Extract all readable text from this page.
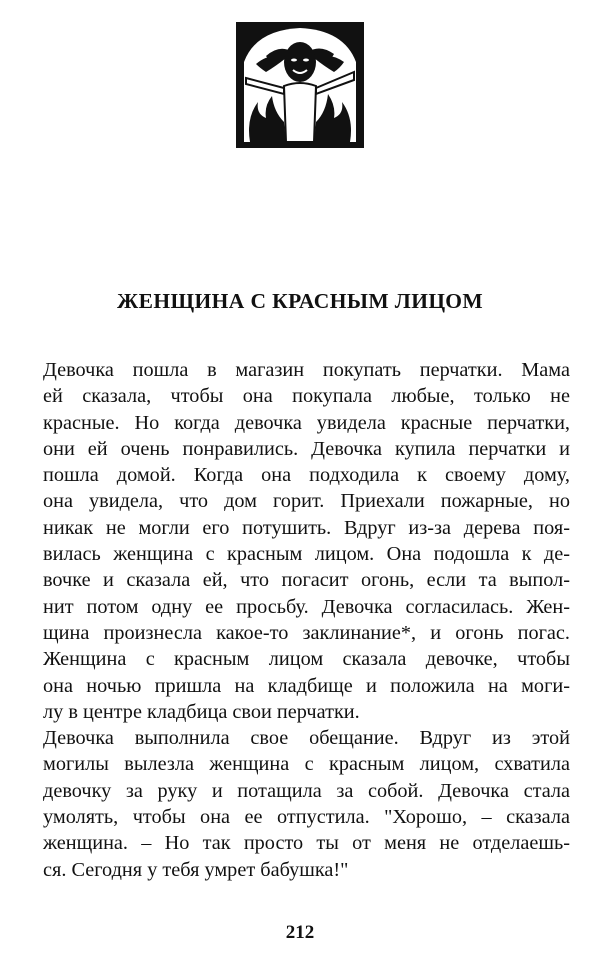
ЖЕНЩИНА С КРАСНЫМ ЛИЦОМ
Девочка пошла в магазин покупать перчатки. Мама
ей сказала, чтобы она покупала любые, только не
красные. Но когда девочка увидела красные перчатки,
они ей очень понравились. Девочка купила перчатки и
пошла домой. Когда она подходила к своему дому,
она увидела, что дом горит. Приехали пожарные, но
никак не могли его потушить. Вдруг из-за дерева поя-
вилась женщина с красным лицом. Она подошла к де-
вочке и сказала ей, что погасит огонь, если та выпол-
нит потом одну ее просьбу. Девочка согласилась. Жен-
щина произнесла какое-то заклинание*, и огонь погас.
Женщина с красным лицом сказала девочке, чтобы
она ночью пришла на кладбище и положила на моги-
лу в центре кладбица свои перчатки.
Девочка выполнила свое обещание. Вдруг из этой
могилы вылезла женщина с красным лицом, схватила
девочку за руку и потащила за собой. Девочка стала
умолять, чтобы она ее отпустила. "Хорошо, – сказала
женщина. – Но так просто ты от меня не отделаешь-
ся. Сегодня у тебя умрет бабушка!"
212
